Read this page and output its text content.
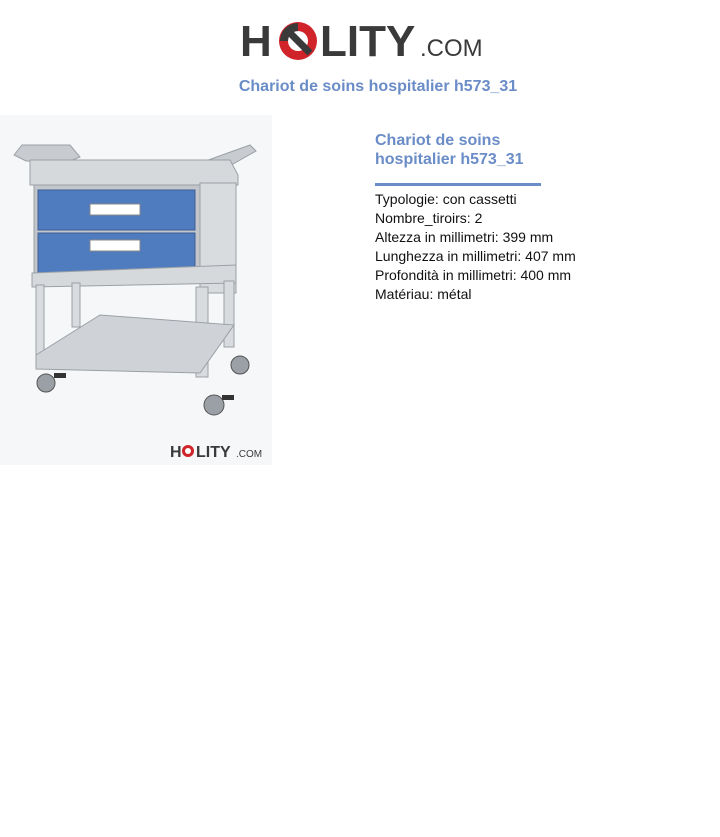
H LITY .COM
Chariot de soins hospitalier h573_31
H LITY .COM
Chariot de soins hospitalier h573_31
Typologie: con cassetti
Nombre_tiroirs: 2
Altezza in millimetri: 399 mm
Lunghezza in millimetri: 407 mm
Profondità in millimetri: 400 mm
Matériau: métal
